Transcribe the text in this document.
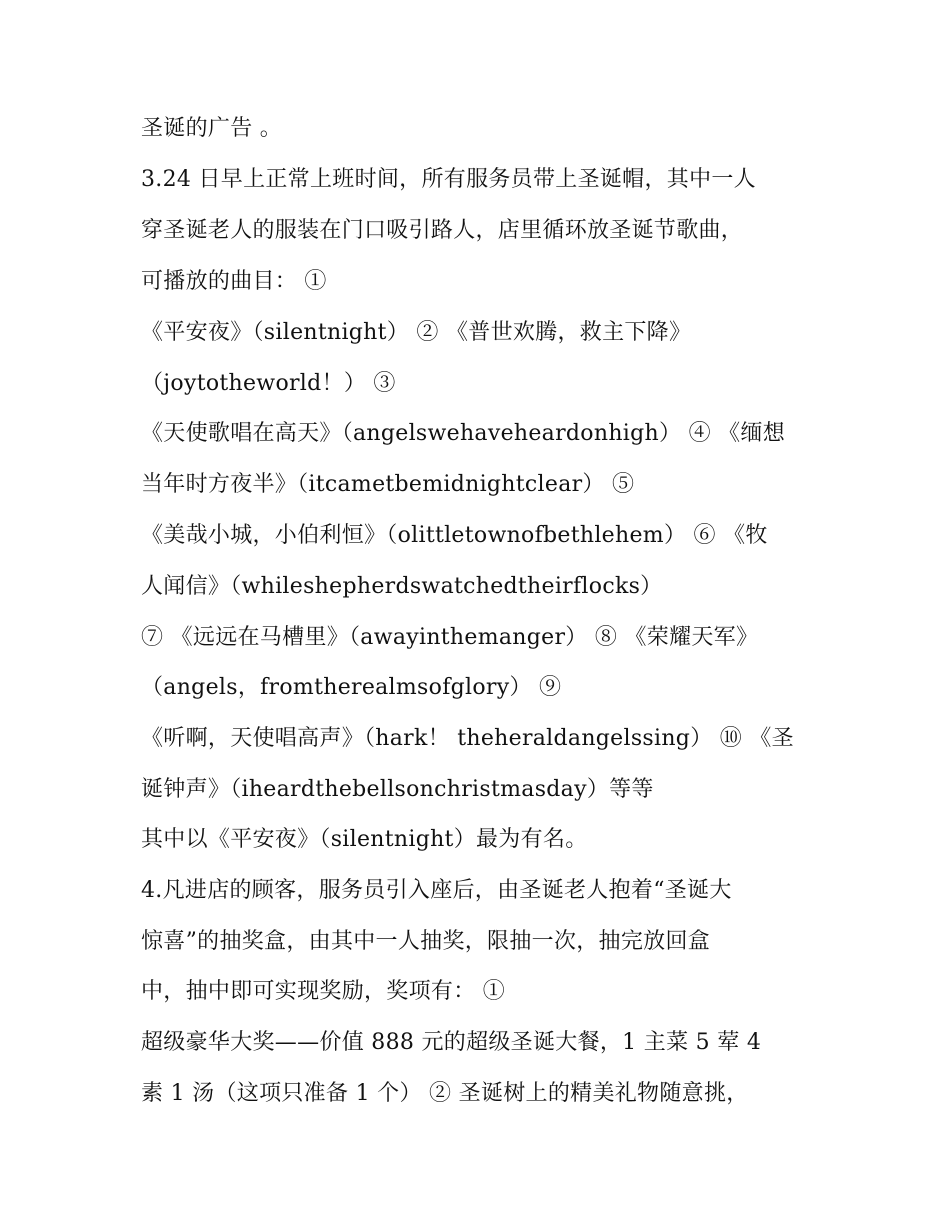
圣诞的广告 。
3.24 日早上正常上班时间，所有服务员带上圣诞帽，其中一人
穿圣诞老人的服装在门口吸引路人，店里循环放圣诞节歌曲，
可播放的曲目： ①
《平安夜》（silentnight） ② 《普世欢腾，救主下降》
（joytotheworld！） ③
《天使歌唱在高天》（angelswehaveheardonhigh） ④ 《缅想
当年时方夜半》（itcametbemidnightclear） ⑤
《美哉小城，小伯利恒》（olittletownofbethlehem） ⑥ 《牧
人闻信》（whileshepherdswatchedtheirflocks）
⑦ 《远远在马槽里》（awayinthemanger） ⑧ 《荣耀天军》
（angels，fromtherealmsofglory） ⑨
《听啊，天使唱高声》（hark！ theheraldangelssing） ⑩ 《圣
诞钟声》（iheardthebellsonchristmasday）等等
其中以《平安夜》（silentnight）最为有名。
4.凡进店的顾客，服务员引入座后，由圣诞老人抱着“圣诞大
惊喜”的抽奖盒，由其中一人抽奖，限抽一次，抽完放回盒
中，抽中即可实现奖励，奖项有： ①
超级豪华大奖——价值 888 元的超级圣诞大餐，1 主菜 5 荤 4
素 1 汤（这项只准备 1 个） ② 圣诞树上的精美礼物随意挑，
